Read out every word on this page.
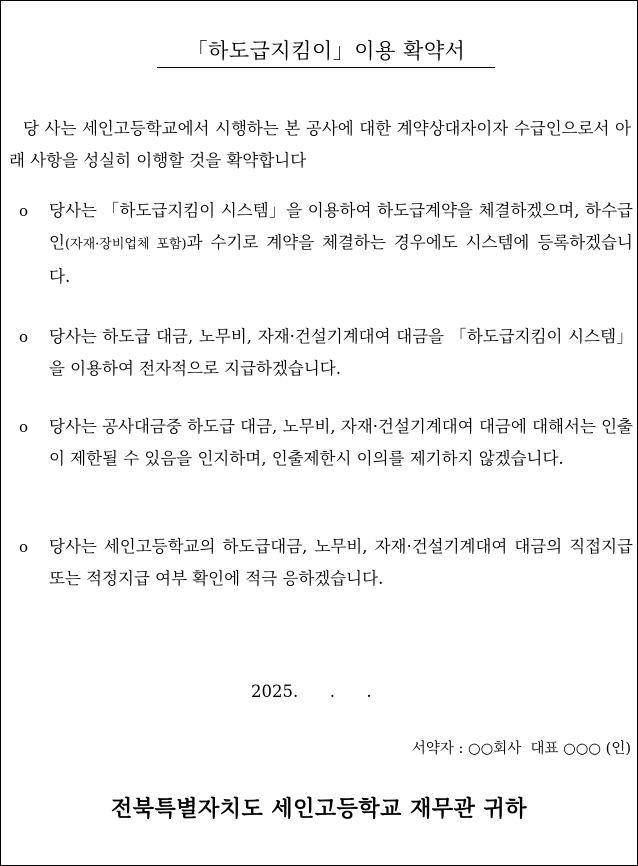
「하도급지킴이」이용 확약서
당 사는 세인고등학교에서 시행하는 본 공사에 대한 계약상대자이자 수급인으로서 아래 사항을 성실히 이행할 것을 확약합니다
o	당사는 「하도급지킴이 시스템」을 이용하여 하도급계약을 체결하겠으며, 하수급인(자재·장비업체 포함)과 수기로 계약을 체결하는 경우에도 시스템에 등록하겠습니다.
o	당사는 하도급 대금, 노무비, 자재·건설기계대여 대금을 「하도급지킴이 시스템」을 이용하여 전자적으로 지급하겠습니다.
o	당사는 공사대금중 하도급 대금, 노무비, 자재·건설기계대여 대금에 대해서는 인출이 제한될 수 있음을 인지하며, 인출제한시 이의를 제기하지 않겠습니다.
o	당사는 세인고등학교의 하도급대금, 노무비, 자재·건설기계대여 대금의 직접지급 또는 적정지급 여부 확인에 적극 응하겠습니다.
2025.      .      .
서약자 : ○○회사  대표 ○○○ (인)
전북특별자치도 세인고등학교 재무관 귀하
